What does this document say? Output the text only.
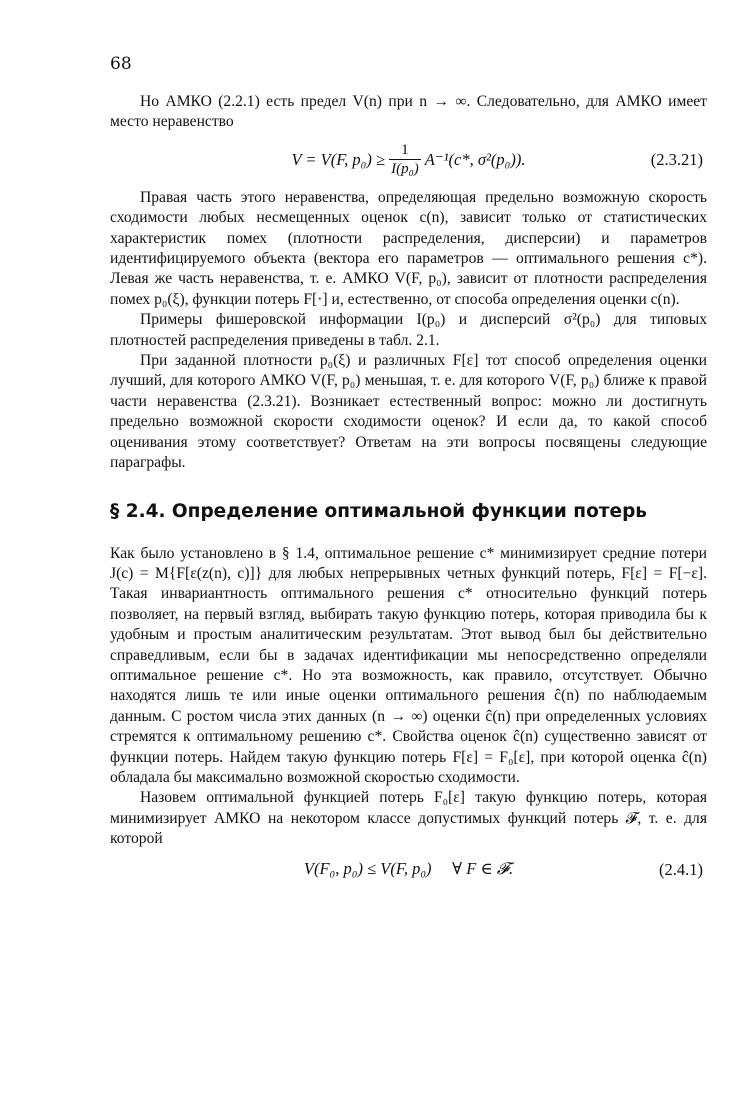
68

Но АМКО (2.2.1) есть предел V(n) при n → ∞. Следовательно, для АМКО имеет место неравенство

V = V(F, $p_0) \ge \frac{1}{\text{I(p₀)}} A^{-1}(c*$, σ²(p₀)).	(2.3.21)

Правая часть этого неравенства, определяющая предельно возможную скорость сходимости любых несмещенных оценок c(n), зависит только от статистических характеристик помех (плотности распределения, дисперсии) и параметров идентифицируемого объекта (вектора его параметров — оптимального решения c*). Левая же часть неравенства, т. е. АМКО V(F, p₀), зависит от плотности распределения помех p₀(ξ), функции потерь F[·] и, естественно, от способа определения оценки c(n).

Примеры фишеровской информации I(p₀) и дисперсий σ²(p₀) для типовых плотностей распределения приведены в табл. 2.1.

При заданной плотности p₀(ξ) и различных F[ε] тот способ определения оценки лучший, для которого АМКО V(F, p₀) меньшая, т. е. для которого V(F, p₀) ближе к правой части неравенства (2.3.21). Возникает естественный вопрос: можно ли достигнуть предельно возможной скорости сходимости оценок? И если да, то какой способ оценивания этому соответствует? Ответам на эти вопросы посвящены следующие параграфы.

§ 2.4. Определение оптимальной функции потерь

Как было установлено в § 1.4, оптимальное решение c* минимизирует средние потери J(c) = M{F[ε(z(n), c)]} для любых непрерывных четных функций потерь, F[ε] = F[−ε]. Такая инвариантность оптимального решения c* относительно функций потерь позволяет, на первый взгляд, выбирать такую функцию потерь, которая приводила бы к удобным и простым аналитическим результатам. Этот вывод был бы действительно справедливым, если бы в задачах идентификации мы непосредственно определяли оптимальное решение c*. Но эта возможность, как правило, отсутствует. Обычно находятся лишь те или иные оценки оптимального решения ĉ(n) по наблюдаемым данным. С ростом числа этих данных (n → ∞) оценки ĉ(n) при определенных условиях стремятся к оптимальному решению c*. Свойства оценок ĉ(n) существенно зависят от функции потерь. Найдем такую функцию потерь F[ε] = F₀[ε], при которой оценка ĉ(n) обладала бы максимально возможной скоростью сходимости.

Назовем оптимальной функцией потерь F₀[ε] такую функцию потерь, которая минимизирует АМКО на некотором классе допустимых функций потерь 𝓕, т. е. для которой

V(F₀, p₀) ≤ V(F, p₀)     ∀ F ∈ 𝓕.	(2.4.1)
